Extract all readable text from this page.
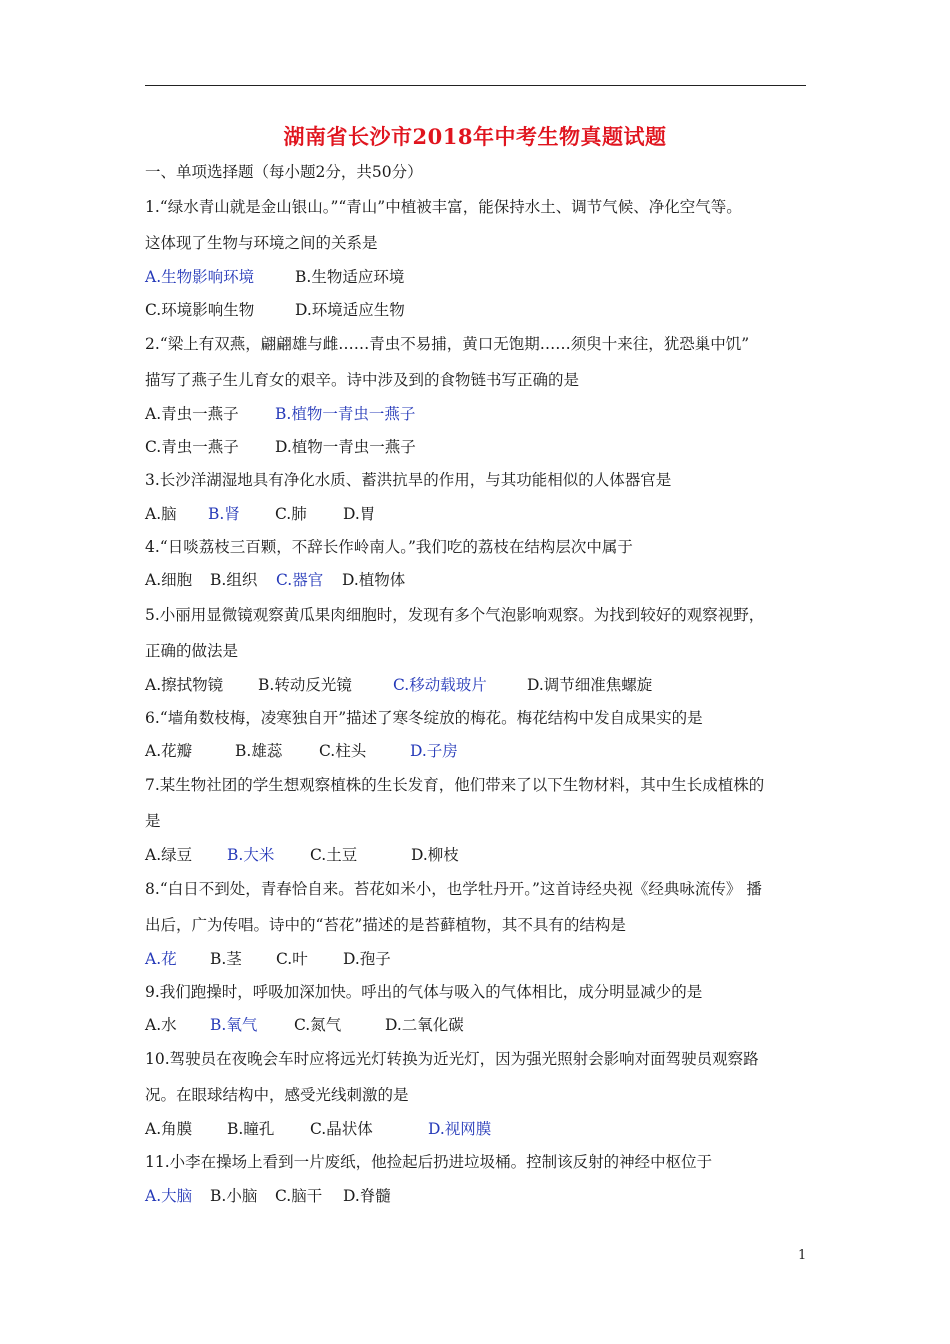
湖南省长沙市2018年中考生物真题试题
一、单项选择题（每小题2分，共50分）
1.“绿水青山就是金山银山。”“青山”中植被丰富，能保持水土、调节气候、净化空气等。
这体现了生物与环境之间的关系是
A.生物影响环境	B.生物适应环境
C.环境影响生物	D.环境适应生物
2.“梁上有双燕，翩翩雄与雌……青虫不易捕，黄口无饱期……须臾十来往，犹恐巢中饥”
描写了燕子生儿育女的艰辛。诗中涉及到的食物链书写正确的是
A.青虫一燕子 B.植物一青虫一燕子
C.青虫一燕子 D.植物一青虫一燕子
3.长沙洋湖湿地具有净化水质、蓄洪抗旱的作用，与其功能相似的人体器官是
A.脑 B.肾 C.肺 D.胃
4.“日啖荔枝三百颗，不辞长作岭南人。”我们吃的荔枝在结构层次中属于
A.细胞 B.组织 C.器官 D.植物体
5.小丽用显微镜观察黄瓜果肉细胞时，发现有多个气泡影响观察。为找到较好的观察视野，
正确的做法是
A.擦拭物镜 B.转动反光镜	C.移动载玻片	D.调节细准焦螺旋
6.“墙角数枝梅，凌寒独自开”描述了寒冬绽放的梅花。梅花结构中发自成果实的是
A.花瓣	B.雄蕊 C.柱头	D.子房
7.某生物社团的学生想观察植株的生长发育，他们带来了以下生物材料，其中生长成植株的
是
A.绿豆 B.大米 C.土豆	D.柳枝
8.“白日不到处，青春恰自来。苔花如米小，也学牡丹开。”这首诗经央视《经典咏流传》 播
出后，广为传唱。诗中的“苔花”描述的是苔藓植物，其不具有的结构是
A.花 B.茎 C.叶 D.孢子
9.我们跑操时，呼吸加深加快。呼出的气体与吸入的气体相比，成分明显减少的是
A.水 B.氧气 C.氮气	D.二氧化碳
10.驾驶员在夜晚会车时应将远光灯转换为近光灯，因为强光照射会影响对面驾驶员观察路
况。在眼球结构中，感受光线刺激的是
A.角膜 B.瞳孔 C.晶状体	D.视网膜
11.小李在操场上看到一片废纸，他捡起后扔进垃圾桶。控制该反射的神经中枢位于
A.大脑 B.小脑 C.脑干 D.脊髓
1
